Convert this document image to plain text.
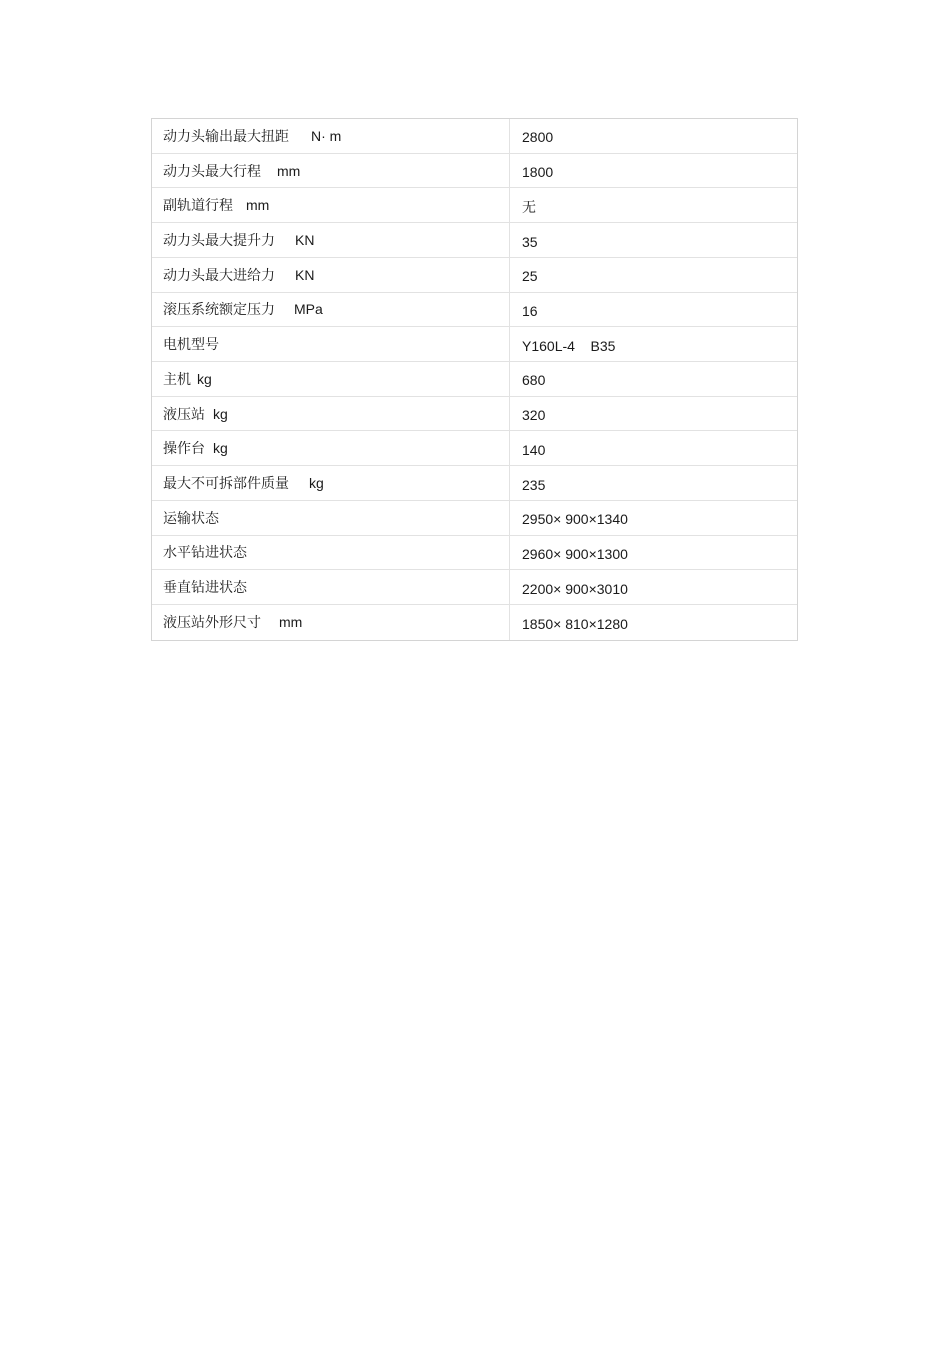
动力头输出最大扭距 N· m	2800
动力头最大行程 mm	1800
副轨道行程 mm	无
动力头最大提升力 KN	35
动力头最大进给力 KN	25
滚压系统额定压力 MPa	16
电机型号	Y160L-4    B35
主机 kg	680
液压站 kg	320
操作台 kg	140
最大不可拆部件质量 kg	235
运输状态	2950× 900×1340
水平钻进状态	2960× 900×1300
垂直钻进状态	2200× 900×3010
液压站外形尺寸 mm	1850× 810×1280
